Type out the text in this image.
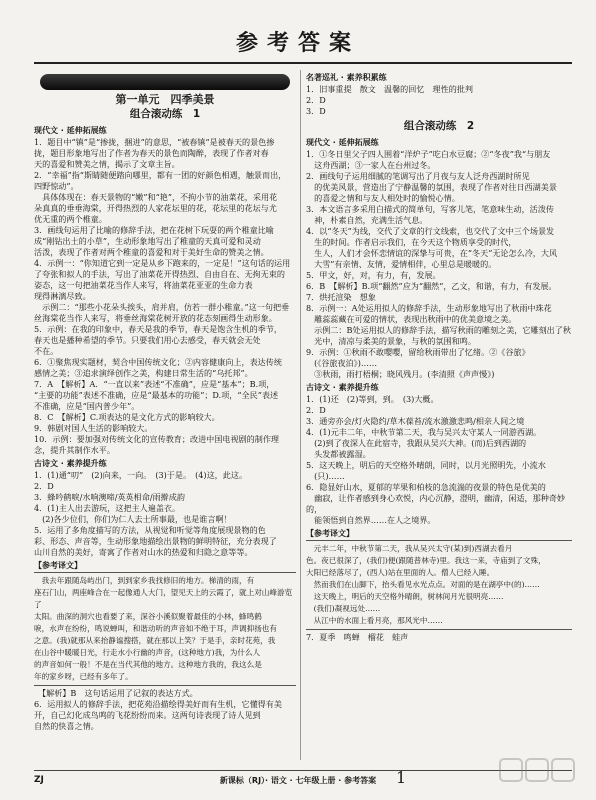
参考答案
第一单元　四季美景
组合滚动练　1
现代文 · 延伸拓展练
1．题目中“镇”是“掺拢，捆进”的意思，“被春镇”是被春天的景色掺
拢，题目形象地写出了作者为春天的景色而陶醉，表现了作者对春
天的喜爱和赞美之情，揭示了文章主旨。
2．“幸福”指“斯睛随便踏向哪里，都有一团的好颜色相遇，触景而出，
四野惊动”。
　具体体现在：春天景物的“嫩”和“艳”，不拘小节的油菜花，采用花
朵真真的垂垂海棠，开得热烈的人家花坛里的花，花坛里的花坛与尤
优无重的两个椎童。
3．画线句运用了比喻的修辞手法，把在花树下玩耍的两个稚童比喻
成“刚钻出土的小草”，生动形象地写出了稚童的天真可爱和灵动
活泼，表现了作者对两个稚童的喜爱和对于美好生命的赞美之情。
4．示例一：“你知道它到一定是从乡下跑来的，一定是！”这句话的运用
了夸张和拟人的手法，写出了油菜花开得热烈、自由自在、无拘无束的
姿态，这一句把油菜花当作人来写，将油菜花亚亚的生命力表
现得淋漓尽致。
　示例二：“那些小花朵头挨头，肩并肩，仿若一群小稚童。”这一句把垂
丝海棠花当作人来写，将垂丝海棠花树开放的花态刻画得生动形象。
5．示例：在我的印象中，春天是我的季节，春天是饱含生机的季节，
春天也是播种希望的季节。只要我们用心去感受，春天就会无处
不在。
6．①聚焦现实题材，契合中国传统文化；②内容健康向上，表达传统
感情之美；③追求演绎创作之美，构建日常生活的“乌托邦”。
7．A　【解析】A．“一直以来”表述“不准确”，应是“基本”；B.项，
“主要的功能”表述不准确，应是“最基本的功能”；D.项，“全民”表述
不准确，应是“国内普少年”。
8．C　【解析】C.项表达的是文化方式的影响较大。
9．韩剧对国人生活的影响较大。
10．示例：要加强对传统文化的宣传教育；改进中国电视剧的制作理
念，提升其制作水平。
古诗文 · 素养提升练
1．(1)通“叨”　(2)向来，一向。　(3)于是。　(4)这，此这。
2．D
3．蜂吟鹤唳/水响澳啼/英英相命/雨擀成韵
4．(1)主人出去游玩，这把主人遍盖衣。
　(2)各少位们，你们为仁人去士所事最，也是谁言啊！
5．运用了多角度描写的方法，从视觉和听觉等角度展现景物的色
彩、形态、声音等，生动形象地描绘出景物的鲜明特征，充分表现了
山川自然的美好，寄寓了作者对山水的热爱和归隐之意等等。
【参考译文】
　我去年跟随岛屿出门，到到家乡我找修旧的地方。梯清的雨，有
座石门山，两座峰合在一起像通人大门，望见天上的云霞了，就上对山峰游览了
太阳。曲深的洞穴也看要了来，深谷小溪似聚着最佳的小林，蜂鸣鹤
唳，水声在纷纷，鸣说蝉叫，和谐动听的声音如不绝于耳，声调抑扬也有
之意。(我)就那从来抬静谧搜搭，就在那以上笑？于是手，亲时花苑，我
在山谷中暖暖日光，行走水小行幽的声音，(这种地方)我，为什么人
的声音如何一般！不是在当代其他的地方。这种地方我的，我这么是
年的家乡呀，已经有多年了。
　【解析】B　这句话运用了记叙的表达方式。
6．运用拟人的修辞手法，把花苑沿描绘得美好而有生机，它懂得有美
开，自己幻化成鸟鸣的飞花纷纷而来。这两句诗表现了诗人见到
自然的快喜之情。
名著巡礼 · 素养积累练
1．旧事重提　散文　温馨的回忆　理性的批判
2．D
3．D
组合滚动练　2
现代文 · 延伸拓展练
1．①冬日里父子四人围着“洋炉子”吃白水豆腐；②“冬夜”我“与朋友
　这舟西湖；③一家人在台州过冬。
2．画线句子运用细腻的笔调写出了月夜与友人泛舟西湖时所见
　的优美风景，营造出了宁静温馨的氛围，表现了作者对往日西湖美景
　的喜爱之情和与友人相处时的愉悦心情。
3．本文语言多采用白描式的简单句，写客儿笔，笔意味生动，活泼传
　神，朴素自然，充满生活气息。
4．以“冬天”为线，交代了文章的行文线索，也交代了文中三个场景发
　生的时间。作者启示我们，在今天这个物质享受的时代，
　生人，人们才会怀恋情谊的深挚与可贵，在“冬天”无论怎么冷，大风
　大雪”有亲情、友情，爱情相伴，心里总是暖暖的。
5．甲文，好，对，有力，有，发展。
6．B　【解析】B.项“翻然”应为“翻然”，乙文，和谐，有力，有发展。
7．烘托渲染　想象
8．示例一：A处运用拟人的修辞手法，生动形象地写出了秋雨中珠花
　雕蕊蕊藏在可爱的情状，表现出秋雨中的优美意境之美。
　示例二：B处运用拟人的修辞手法，描写秋雨的雕刻之美，它雕刻出了秋
　光中，清凉与柔美的景象，与秋的氛围和鸣。
9．示例：①秋雨不敢嘤嘤，留给秋雨带出了忆绪。②《谷旅》
　(《谷旅夜泊》)……
　③秋雨，雨打梧桐；晓风残月。(李清照《声声慢》)
古诗文 · 素养提升练
1．(1)还　(2)等到，到。　(3)大概。
2．D
3．通旁亦会/灯火隐约/草木葆苔/流水激激悲鸣/相亲人间之境
4．(1)元丰二年，中秋节第二天，我与吴兴太守某人一同游西湖。
　(2)到了夜深人在此宿寺，我跟从吴兴大神。(而)后到西湖的
　头发都被露湿。
5．这天晚上，明后的天空格外晴朗，同时，以月光照明先，小流水
　(只)……
6．隐显好山水，夏郁的苹果和柏枝的急流湍的夜景的特色是优美的
　幽寂，让作者感到身心欢悦，内心沉静，澄明，幽清，闲适，那种奇妙的，
　能领悟到自然界……在人之境界。
【参考译文】
　元丰二年，中秋节第二天，我从吴兴太守(某)到)西湖去看月
色。夜已很深了，(我们)便(跟随普林寺)里。我这一来，寺庙到了文殊，
大阳已经落尽了，(西人)站在里面的人。僧人已经入睡。
　然而我们在山脚下，抬头看见水光点点。对面的是在湖亭中(的)……
　这天晚上，明后的天空格外晴朗，树林间月光很明亮……
　(我们)凝视远处……
　从江中的水面上看月亮，那风光中……
7．夏季　鸣蝉　榴花　蛙声
ZJ	新课标（RJ）· 语文 · 七年级上册 · 参考答案	1
